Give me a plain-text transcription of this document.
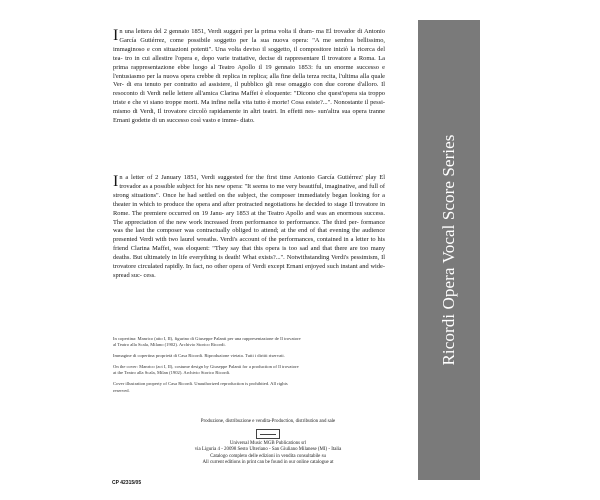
I n una lettera del 2 gennaio 1851, Verdi suggerì per la prima volta il dram- ma El trovador di Antonio García Gutiérrez, come possibile soggetto per la sua nuova opera: "A me sembra bellissimo, immaginoso e con situazioni potenti". Una volta deviso il soggetto, il compositore iniziò la ricerca del tea- tro in cui allestire l'opera e, dopo varie trattative, decise di rappresentare Il trovatore a Roma. La prima rappresentazione ebbe luogo al Teatro Apollo il 19 gennaio 1853: fu un enorme successo e l'entusiasmo per la nuova opera crebbe di replica in replica; alla fine della terza recita, l'ultima alla quale Ver- di era tenuto per contratto ad assistere, il pubblico gli rese omaggio con due corone d'alloro. Il resoconto di Verdi nelle lettere all'amica Clarina Maffei è eloquente: "Dicono che quest'opera sia troppo triste e che vi siano troppe morti. Ma infine nella vita tutto è morte! Cosa esiste?...". Nonostante il pessi- mismo di Verdi, Il trovatore circolò rapidamente in altri teatri. In effetti nes- sun'altra sua opera tranne Ernani godette di un successo così vasto e imme- diato.
I n a letter of 2 January 1851, Verdi suggested for the first time Antonio García Gutiérrez' play El trovador as a possible subject for his new opera: "It seems to me very beautiful, imaginative, and full of strong situations". Once he had settled on the subject, the composer immediately began looking for a theater in which to produce the opera and after protracted negotiations he decided to stage Il trovatore in Rome. The premiere occurred on 19 Janu- ary 1853 at the Teatro Apollo and was an enormous success. The appreciation of the new work increased from performance to performance. The third per- formance was the last the composer was contractually obliged to attend; at the end of that evening the audience presented Verdi with two laurel wreaths. Verdi's account of the performances, contained in a letter to his friend Clarina Maffei, was eloquent: "They say that this opera is too sad and that there are too many deaths. But ultimately in life everything is death! What exists?...". Notwithstanding Verdi's pessimism, Il trovatore circulated rapidly. In fact, no other opera of Verdi except Ernani enjoyed such instant and wide-spread suc- cess.

In copertina: Manrico (atto I, II), figurino di Giuseppe Palanti per una rappresentazione de Il trovatore al Teatro alla Scala, Milano (1902). Archivio Storico Ricordi.

Immagine di copertina proprietà di Casa Ricordi. Riproduzione vietata. Tutti i diritti riservati.

On the cover: Manrico (act I, II), costume design by Giuseppe Palanti for a production of Il trovatore at the Teatro alla Scala, Milan (1902). Archivio Storico Ricordi.

Cover illustration property of Casa Ricordi. Unauthorized reproduction is prohibited. All rights reserved.

Produzione, distribuzione e vendita-Production, distribution and sale
Universal Music MGB Publications srl
via Liguria 4 - 20098 Sesto Ulteriano - San Giuliano Milanese (MI) - Italia
Catalogo completo delle edizioni in vendita consultabile su
All current editions in print can be found in our online catalogue at
CP 42315/05
Ricordi Opera Vocal Score Series
